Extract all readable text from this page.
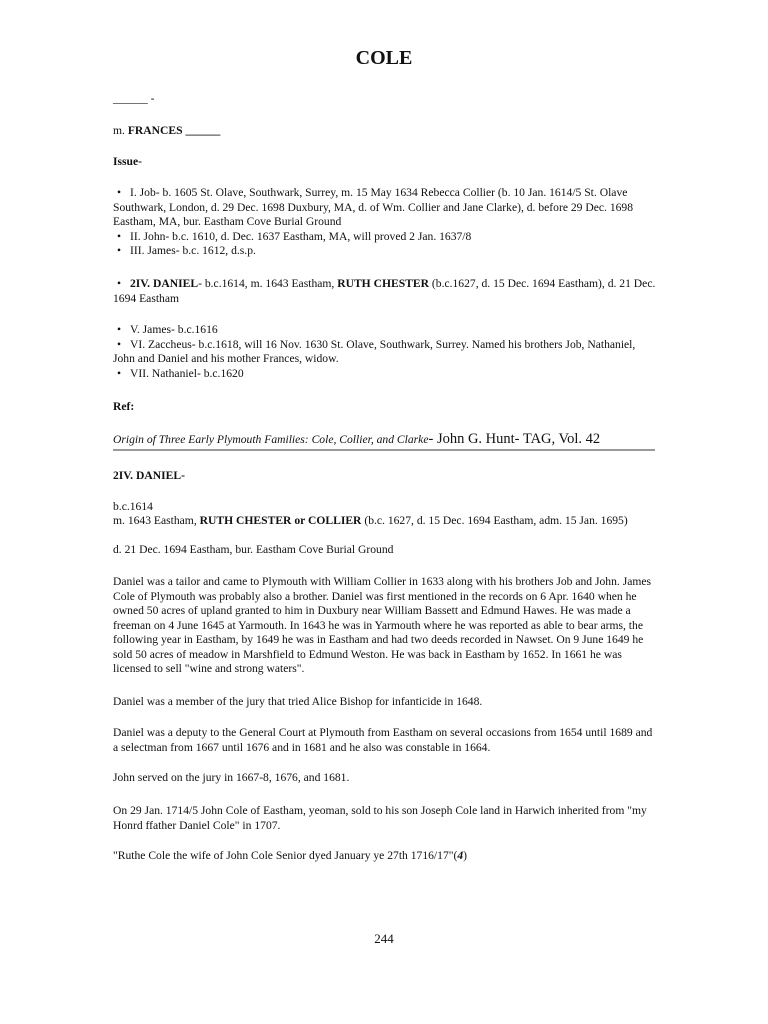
COLE
______ -
m. FRANCES ______
Issue-
• I. Job- b. 1605 St. Olave, Southwark, Surrey, m. 15 May 1634 Rebecca Collier (b. 10 Jan. 1614/5 St. Olave Southwark, London, d. 29 Dec. 1698 Duxbury, MA, d. of Wm. Collier and Jane Clarke), d. before 29 Dec. 1698 Eastham, MA, bur. Eastham Cove Burial Ground
• II. John- b.c. 1610, d. Dec. 1637 Eastham, MA, will proved 2 Jan. 1637/8
• III. James- b.c. 1612, d.s.p.
• 2IV. DANIEL- b.c.1614, m. 1643 Eastham, RUTH CHESTER (b.c.1627, d. 15 Dec. 1694 Eastham), d. 21 Dec. 1694 Eastham
• V. James- b.c.1616
• VI. Zaccheus- b.c.1618, will 16 Nov. 1630 St. Olave, Southwark, Surrey. Named his brothers Job, Nathaniel, John and Daniel and his mother Frances, widow.
• VII. Nathaniel- b.c.1620
Ref:
Origin of Three Early Plymouth Families: Cole, Collier, and Clarke- John G. Hunt- TAG, Vol. 42
2IV. DANIEL-
b.c.1614
m. 1643 Eastham, RUTH CHESTER or COLLIER (b.c. 1627, d. 15 Dec. 1694 Eastham, adm. 15 Jan. 1695)
d. 21 Dec. 1694 Eastham, bur. Eastham Cove Burial Ground
Daniel was a tailor and came to Plymouth with William Collier in 1633 along with his brothers Job and John. James Cole of Plymouth was probably also a brother. Daniel was first mentioned in the records on 6 Apr. 1640 when he owned 50 acres of upland granted to him in Duxbury near William Bassett and Edmund Hawes. He was made a freeman on 4 June 1645 at Yarmouth. In 1643 he was in Yarmouth where he was reported as able to bear arms, the following year in Eastham, by 1649 he was in Eastham and had two deeds recorded in Nawset. On 9 June 1649 he sold 50 acres of meadow in Marshfield to Edmund Weston. He was back in Eastham by 1652. In 1661 he was licensed to sell "wine and strong waters".
Daniel was a member of the jury that tried Alice Bishop for infanticide in 1648.
Daniel was a deputy to the General Court at Plymouth from Eastham on several occasions from 1654 until 1689 and a selectman from 1667 until 1676 and in 1681 and he also was constable in 1664.
John served on the jury in 1667-8, 1676, and 1681.
On 29 Jan. 1714/5 John Cole of Eastham, yeoman, sold to his son Joseph Cole land in Harwich inherited from "my Honrd ffather Daniel Cole" in 1707.
"Ruthe Cole the wife of John Cole Senior dyed January ye 27th 1716/17"(4)
244
